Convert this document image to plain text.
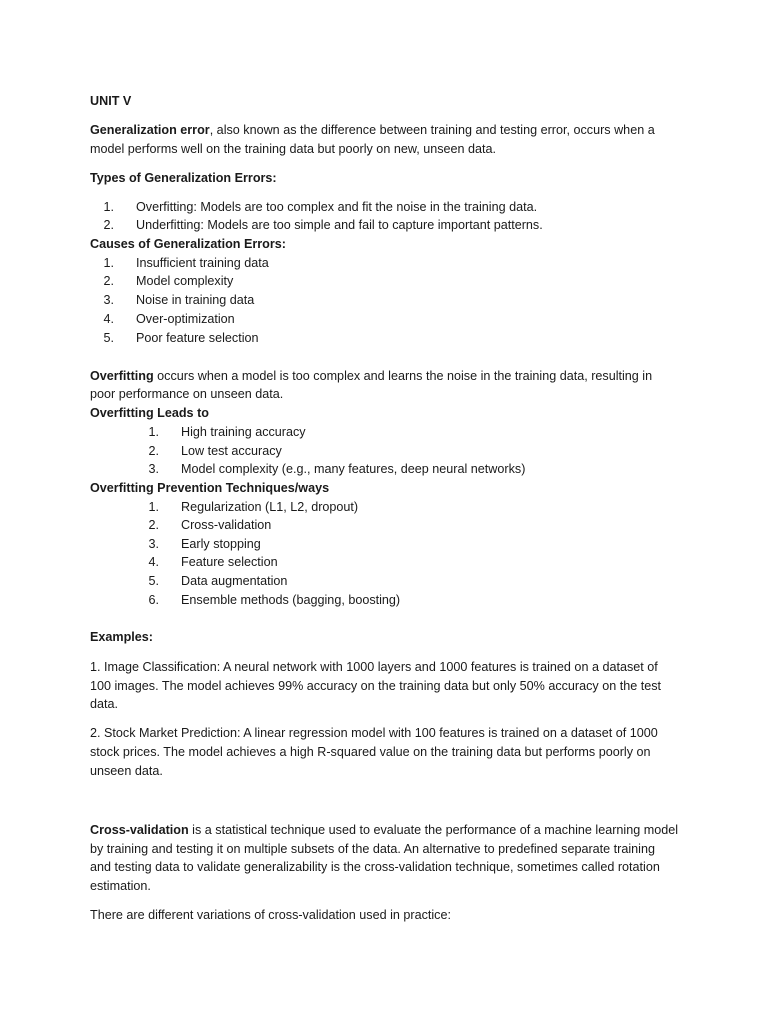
UNIT V
Generalization error, also known as the difference between training and testing error, occurs when a
model performs well on the training data but poorly on new, unseen data.
Types of Generalization Errors:
1. Overfitting: Models are too complex and fit the noise in the training data.
2. Underfitting: Models are too simple and fail to capture important patterns.
Causes of Generalization Errors:
1. Insufficient training data
2. Model complexity
3. Noise in training data
4. Over-optimization
5. Poor feature selection
Overfitting occurs when a model is too complex and learns the noise in the training data, resulting in
poor performance on unseen data.
Overfitting Leads to
1. High training accuracy
2. Low test accuracy
3. Model complexity (e.g., many features, deep neural networks)
Overfitting Prevention Techniques/ways
1. Regularization (L1, L2, dropout)
2. Cross-validation
3. Early stopping
4. Feature selection
5. Data augmentation
6. Ensemble methods (bagging, boosting)
Examples:
1. Image Classification: A neural network with 1000 layers and 1000 features is trained on a dataset of
100 images. The model achieves 99% accuracy on the training data but only 50% accuracy on the test
data.
2. Stock Market Prediction: A linear regression model with 100 features is trained on a dataset of 1000
stock prices. The model achieves a high R-squared value on the training data but performs poorly on
unseen data.
Cross-validation is a statistical technique used to evaluate the performance of a machine learning model
by training and testing it on multiple subsets of the data. An alternative to predefined separate training
and testing data to validate generalizability is the cross-validation technique, sometimes called rotation
estimation.
There are different variations of cross-validation used in practice:
